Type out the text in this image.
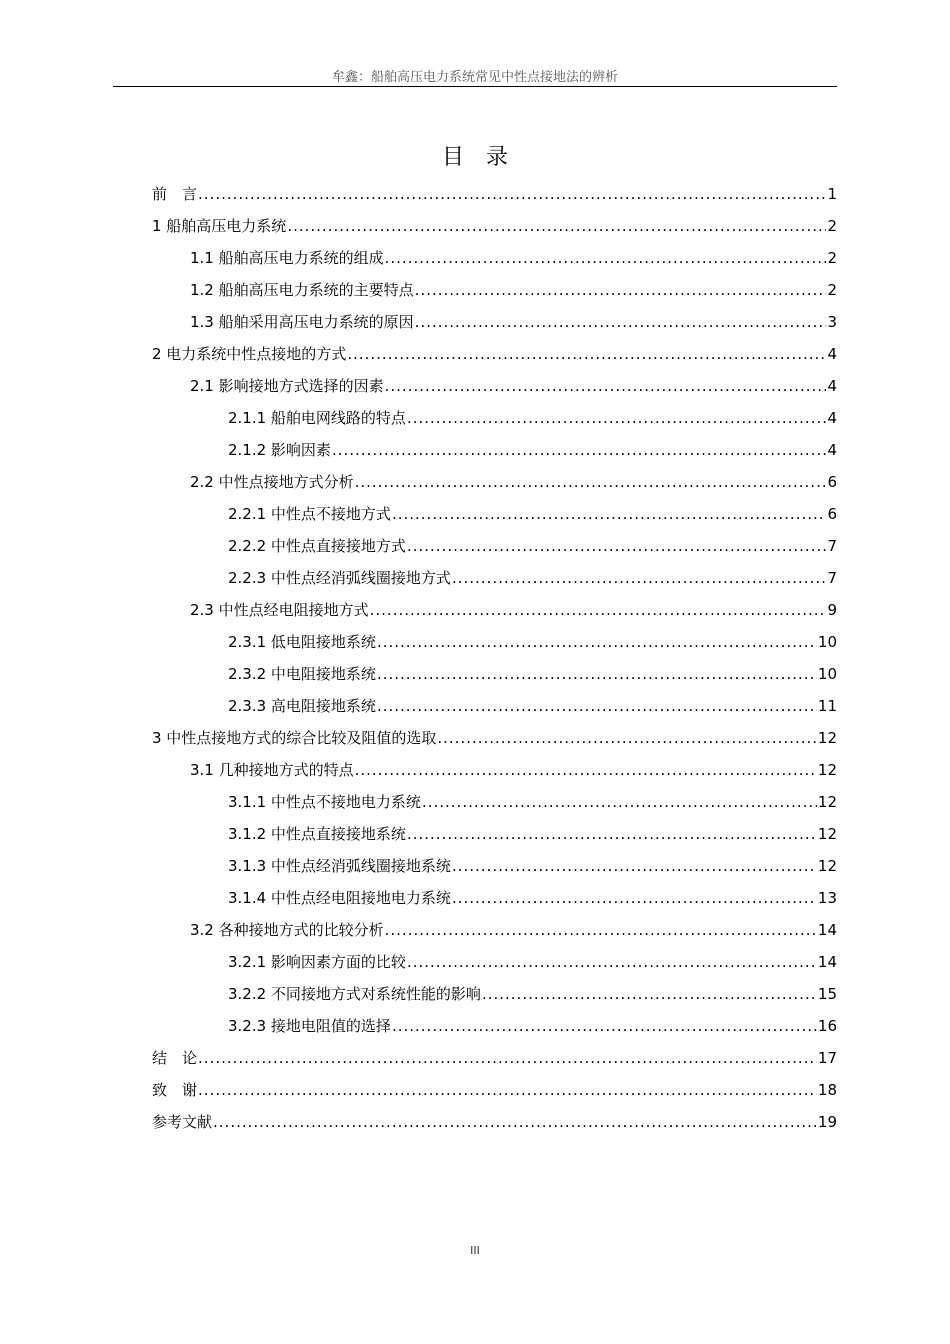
牟鑫：船舶高压电力系统常见中性点接地法的辨析
目录
前　言 .....	1
1 船舶高压电力系统 .....	2
1.1 船舶高压电力系统的组成 .....	2
1.2 船舶高压电力系统的主要特点 .....	2
1.3 船舶采用高压电力系统的原因 .....	3
2 电力系统中性点接地的方式 .....	4
2.1 影响接地方式选择的因素 .....	4
2.1.1 船舶电网线路的特点 .....	4
2.1.2 影响因素 .....	4
2.2 中性点接地方式分析 .....	6
2.2.1 中性点不接地方式 .....	6
2.2.2 中性点直接接地方式 .....	7
2.2.3 中性点经消弧线圈接地方式 .....	7
2.3 中性点经电阻接地方式 .....	9
2.3.1 低电阻接地系统 .....	10
2.3.2 中电阻接地系统 .....	10
2.3.3 高电阻接地系统 .....	11
3 中性点接地方式的综合比较及阻值的选取 .....	12
3.1 几种接地方式的特点 .....	12
3.1.1 中性点不接地电力系统 .....	12
3.1.2 中性点直接接地系统 .....	12
3.1.3 中性点经消弧线圈接地系统 .....	12
3.1.4 中性点经电阻接地电力系统 .....	13
3.2 各种接地方式的比较分析 .....	14
3.2.1 影响因素方面的比较 .....	14
3.2.2 不同接地方式对系统性能的影响 .....	15
3.2.3 接地电阻值的选择 .....	16
结　论 .....	17
致　谢 .....	18
参考文献 .....	19
III
